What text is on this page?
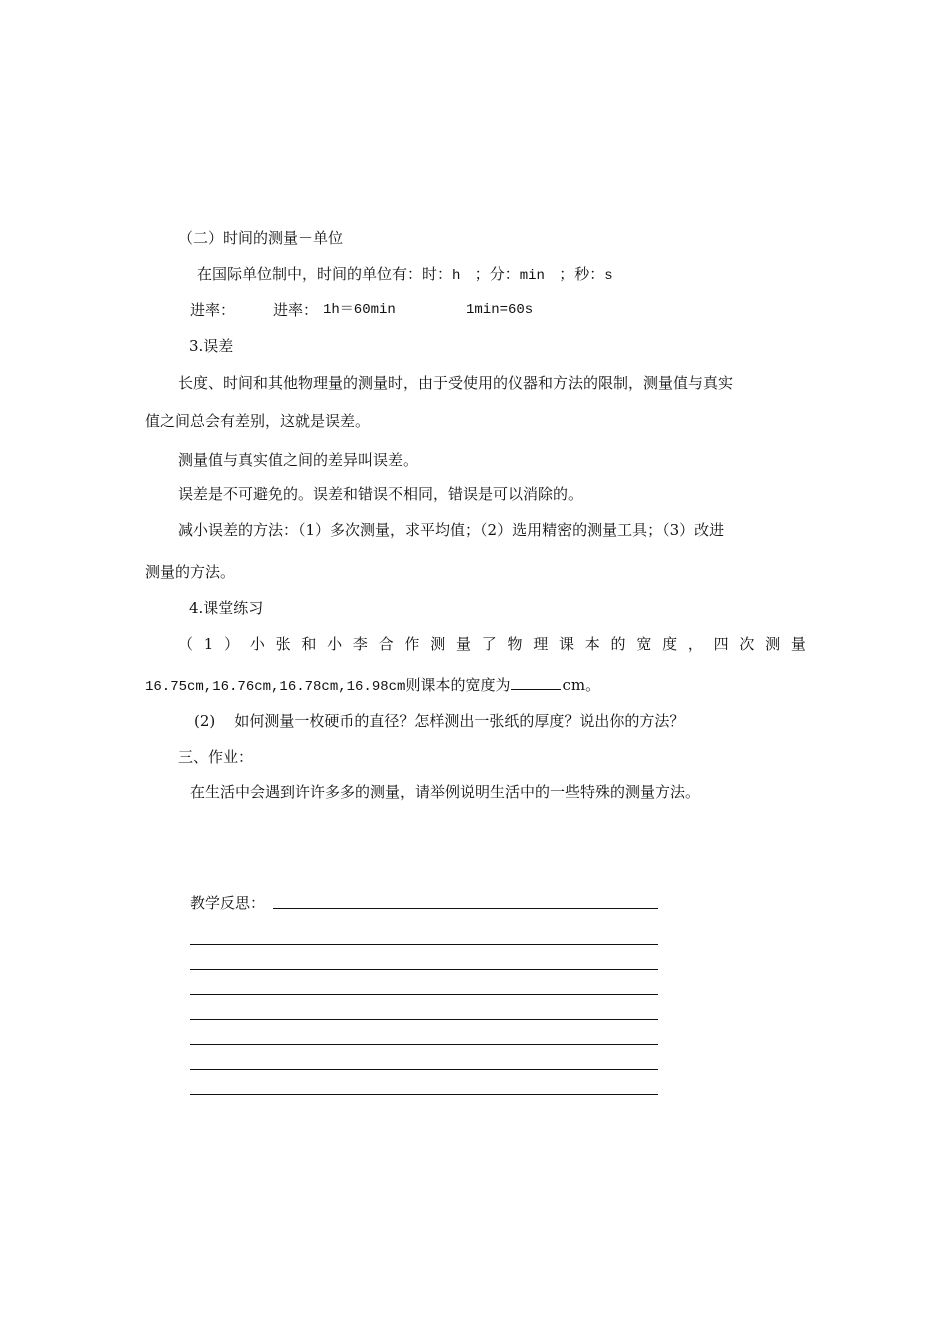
（二）时间的测量－单位
在国际单位制中，时间的单位有：时：h ；分：min ；秒：s
进率：	进率： 1h＝60min	1min=60s
3.误差
长度、时间和其他物理量的测量时，由于受使用的仪器和方法的限制，测量值与真实
值之间总会有差别，这就是误差。
测量值与真实值之间的差异叫误差。
误差是不可避免的。误差和错误不相同，错误是可以消除的。
减小误差的方法：（1）多次测量，求平均值；（2）选用精密的测量工具；（3）改进
测量的方法。
4.课堂练习
（ 1 ） 小 张 和 小 李 合 作 测 量 了 物 理 课 本 的 宽 度 ， 四 次 测 量
16.75cm,16.76cm,16.78cm,16.98cm则课本的宽度为	cm。
(2) 如何测量一枚硬币的直径？怎样测出一张纸的厚度？说出你的方法？
三、作业：
在生活中会遇到许许多多的测量，请举例说明生活中的一些特殊的测量方法。
教学反思：
